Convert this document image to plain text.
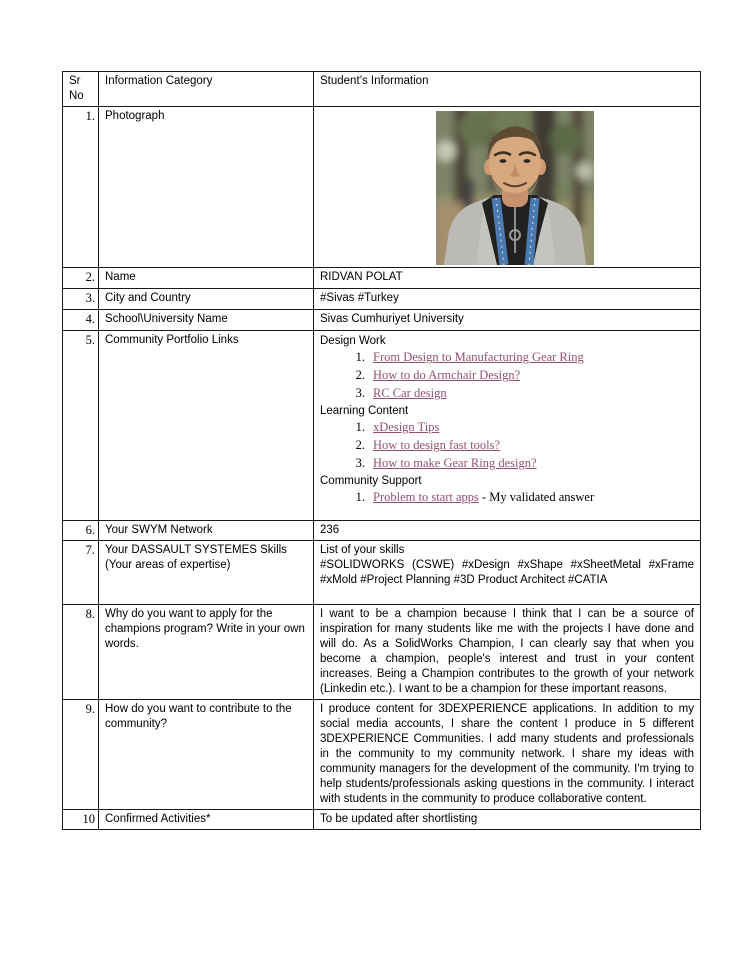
Sr No	Information Category	Student’s Information
1.	Photograph	

2.	Name	RIDVAN POLAT
3.	City and Country	#Sivas #Turkey
4.	School\University Name	Sivas Cumhuriyet University
5.	Community Portfolio Links	Design Work
1. From Design to Manufacturing Gear Ring
2. How to do Armchair Design?
3. RC Car design
Learning Content
1. xDesign Tips
2. How to design fast tools?
3. How to make Gear Ring design?
Community Support
1. Problem to start apps - My validated answer

6.	Your SWYM Network	236
7.	Your DASSAULT SYSTEMES Skills (Your areas of expertise)	List of your skills
#SOLIDWORKS (CSWE) #xDesign #xShape #xSheetMetal #xFrame #xMold #Project Planning #3D Product Architect #CATIA

8.	Why do you want to apply for the champions program? Write in your own words.	I want to be a champion because I think that I can be a source of inspiration for many students like me with the projects I have done and will do. As a SolidWorks Champion, I can clearly say that when you become a champion, people's interest and trust in your content increases. Being a Champion contributes to the growth of your network (Linkedin etc.). I want to be a champion for these important reasons.
9.	How do you want to contribute to the community?	I produce content for 3DEXPERIENCE applications. In addition to my social media accounts, I share the content I produce in 5 different 3DEXPERIENCE Communities. I add many students and professionals in the community to my community network. I share my ideas with community managers for the development of the community. I'm trying to help students/professionals asking questions in the community. I interact with students in the community to produce collaborative content.
10	Confirmed Activities*	To be updated after shortlisting
